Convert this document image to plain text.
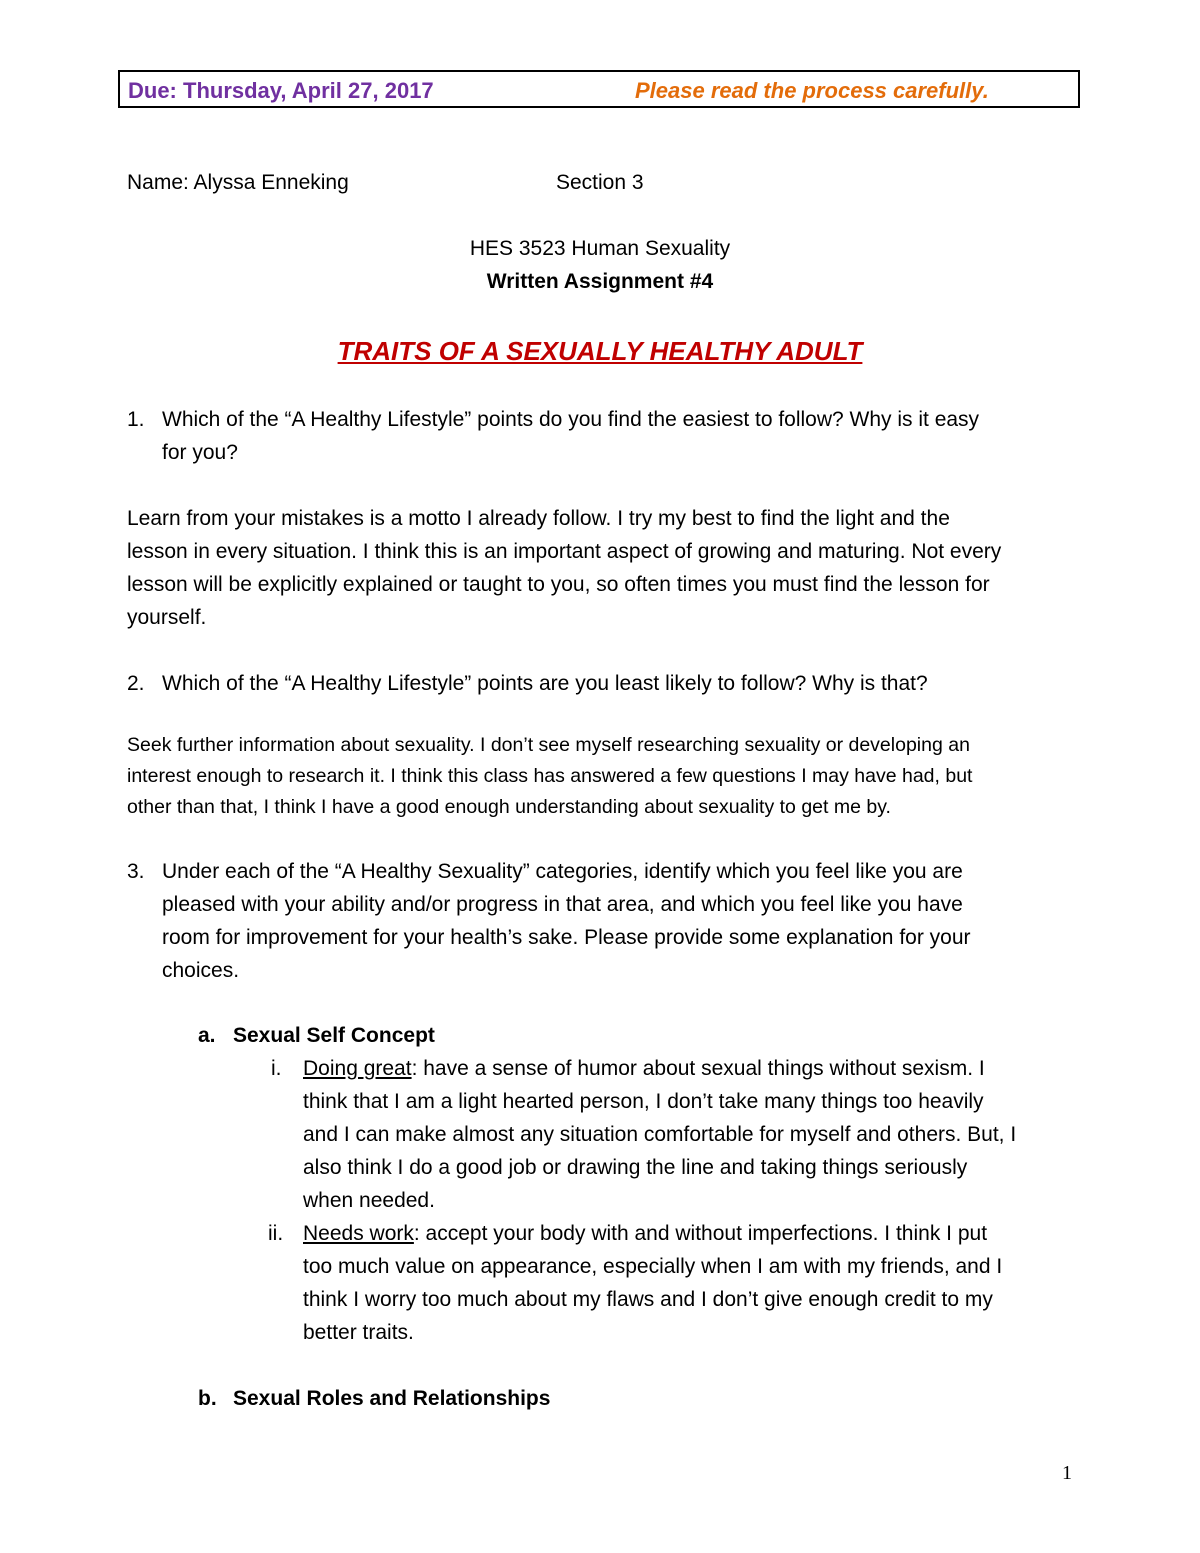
Due: Thursday, April 27, 2017	Please read the process carefully.
Name: Alyssa Enneking	Section 3
HES 3523 Human Sexuality
Written Assignment #4
TRAITS OF A SEXUALLY HEALTHY ADULT
1. Which of the “A Healthy Lifestyle” points do you find the easiest to follow? Why is it easy
for you?
Learn from your mistakes is a motto I already follow. I try my best to find the light and the
lesson in every situation. I think this is an important aspect of growing and maturing. Not every
lesson will be explicitly explained or taught to you, so often times you must find the lesson for
yourself.
2. Which of the “A Healthy Lifestyle” points are you least likely to follow? Why is that?
Seek further information about sexuality. I don’t see myself researching sexuality or developing an
interest enough to research it. I think this class has answered a few questions I may have had, but
other than that, I think I have a good enough understanding about sexuality to get me by.
3. Under each of the “A Healthy Sexuality” categories, identify which you feel like you are
pleased with your ability and/or progress in that area, and which you feel like you have
room for improvement for your health’s sake. Please provide some explanation for your
choices.
a. Sexual Self Concept
i. Doing great: have a sense of humor about sexual things without sexism. I
think that I am a light hearted person, I don’t take many things too heavily
and I can make almost any situation comfortable for myself and others. But, I
also think I do a good job or drawing the line and taking things seriously
when needed.
ii. Needs work: accept your body with and without imperfections. I think I put
too much value on appearance, especially when I am with my friends, and I
think I worry too much about my flaws and I don’t give enough credit to my
better traits.
b. Sexual Roles and Relationships
1
